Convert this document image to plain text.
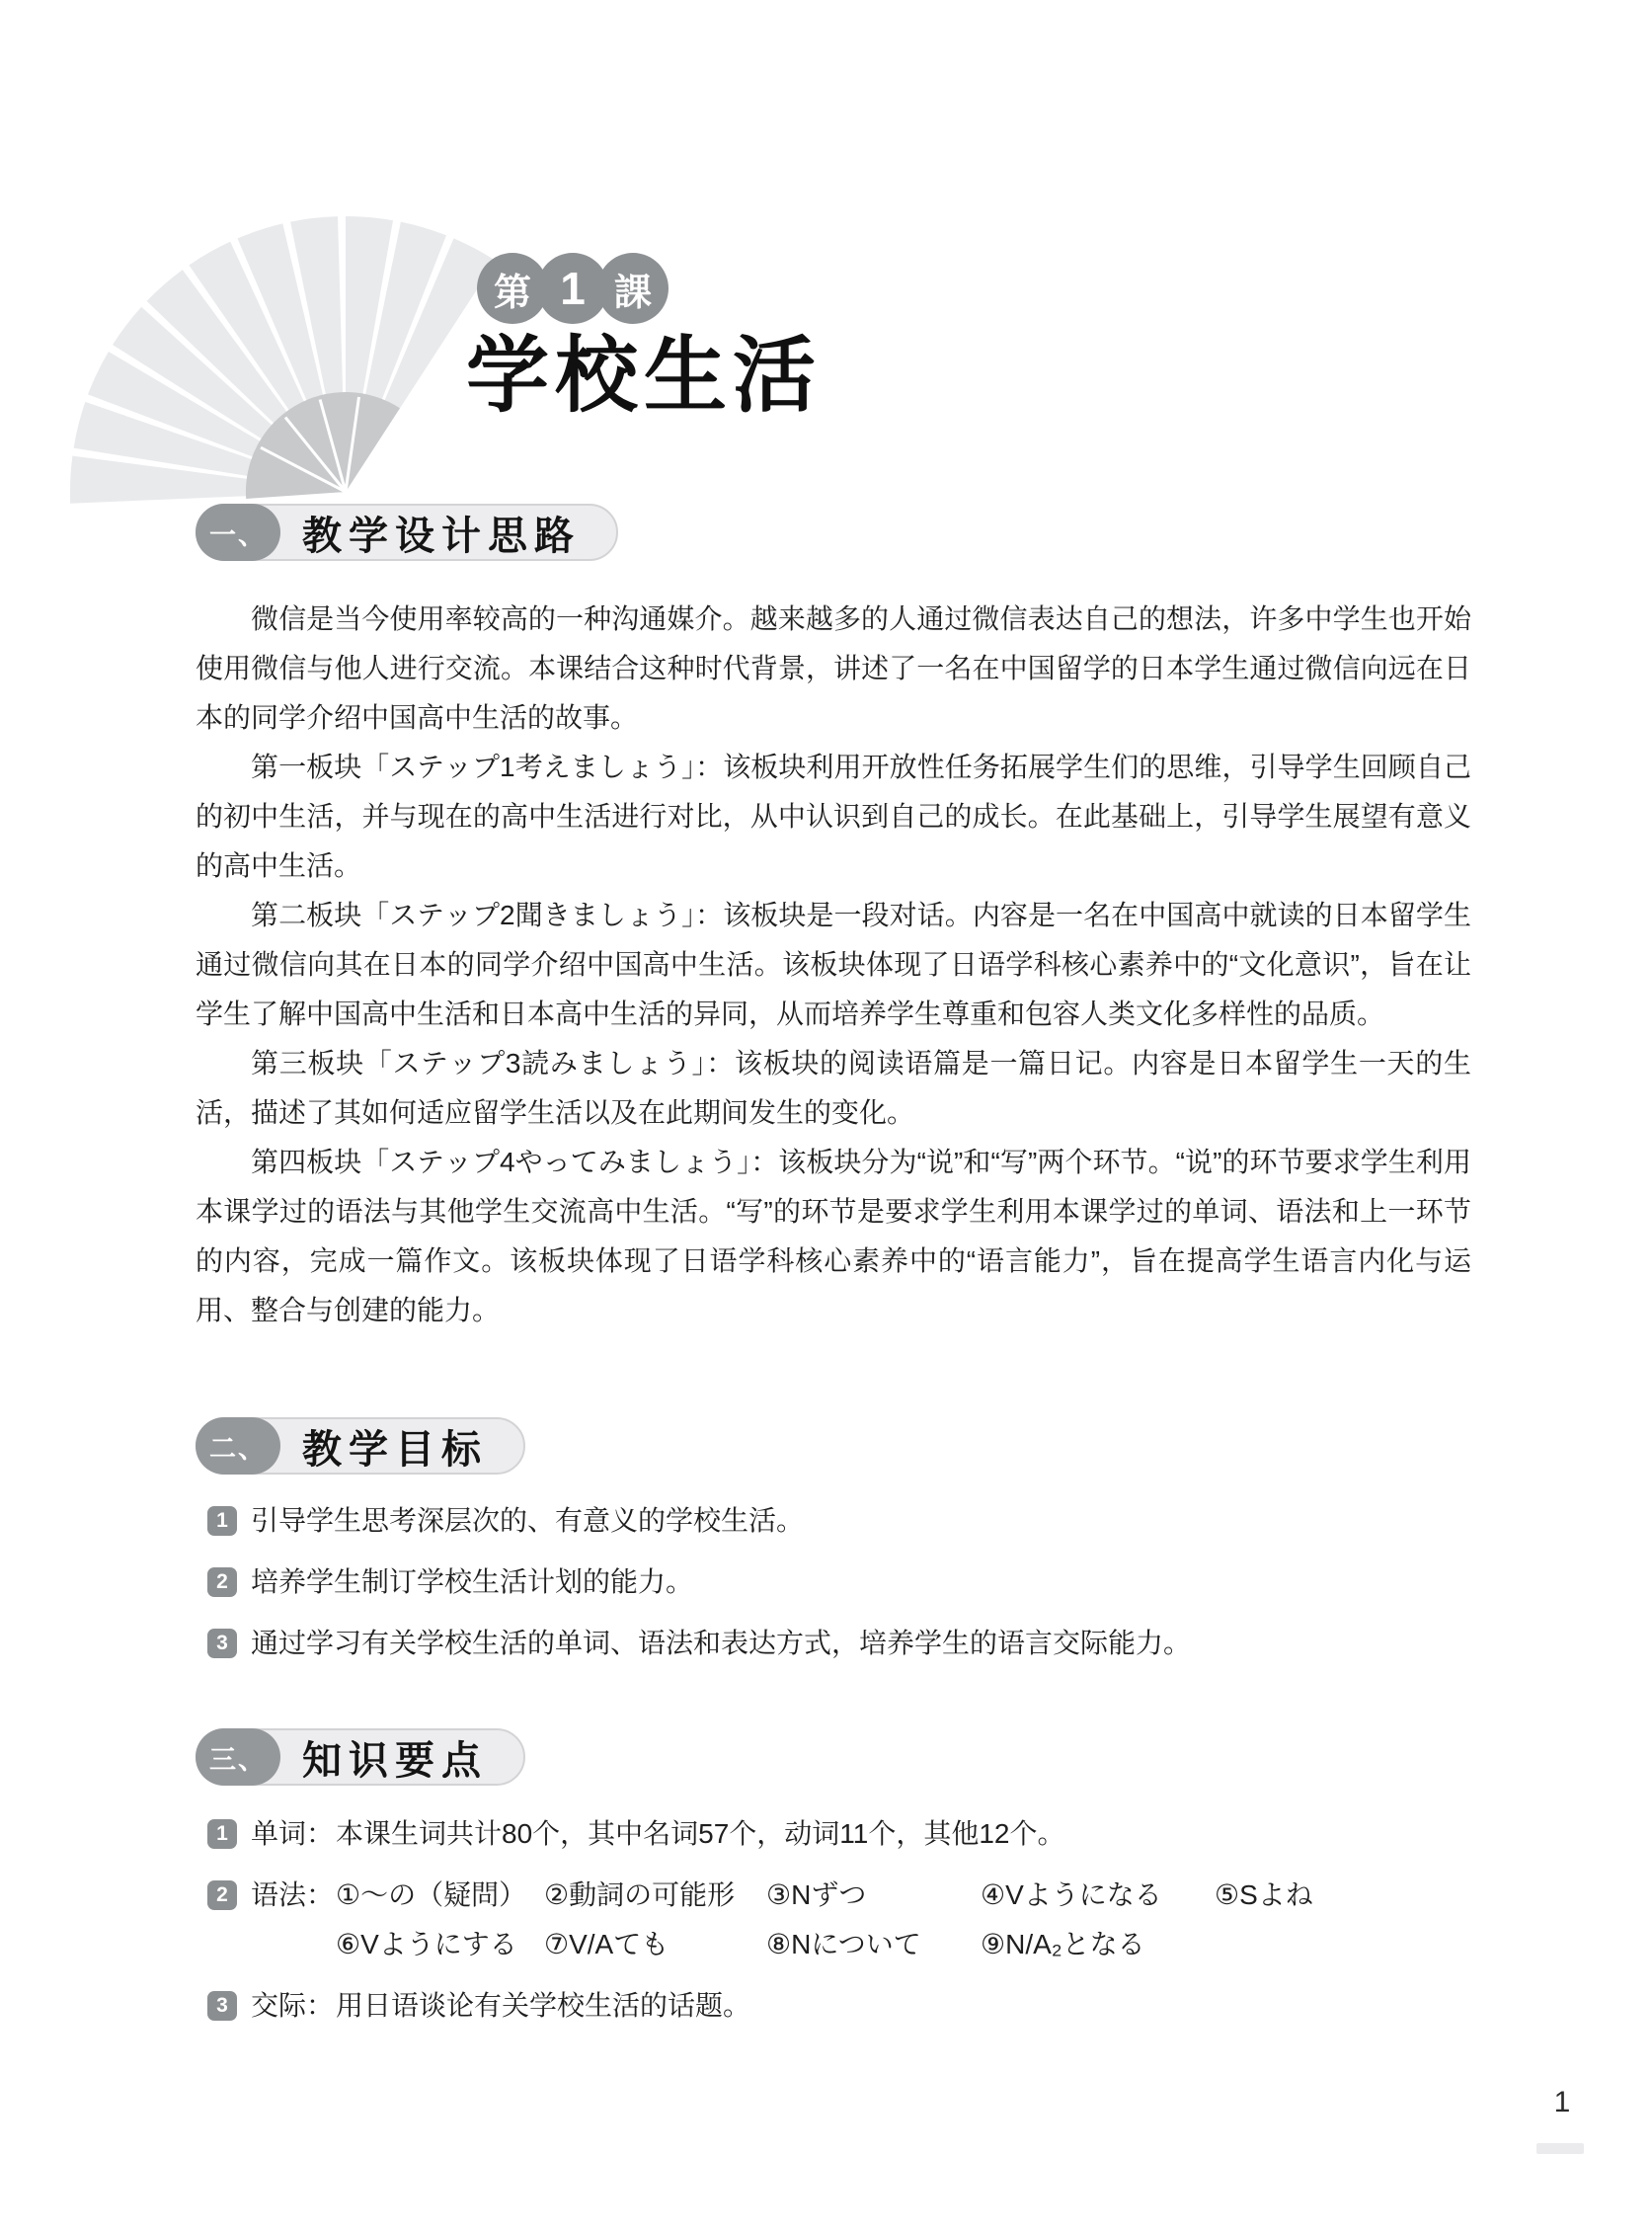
第 1 課
学校生活
一、 教学设计思路

微信是当今使用率较高的一种沟通媒介。越来越多的人通过微信表达自己的想法，许多中学生也开始使用微信与他人进行交流。本课结合这种时代背景，讲述了一名在中国留学的日本学生通过微信向远在日本的同学介绍中国高中生活的故事。

第一板块「ステップ1考えましょう」：该板块利用开放性任务拓展学生们的思维，引导学生回顾自己的初中生活，并与现在的高中生活进行对比，从中认识到自己的成长。在此基础上，引导学生展望有意义的高中生活。

第二板块「ステップ2聞きましょう」：该板块是一段对话。内容是一名在中国高中就读的日本留学生通过微信向其在日本的同学介绍中国高中生活。该板块体现了日语学科核心素养中的“文化意识”，旨在让学生了解中国高中生活和日本高中生活的异同，从而培养学生尊重和包容人类文化多样性的品质。

第三板块「ステップ3読みましょう」：该板块的阅读语篇是一篇日记。内容是日本留学生一天的生活，描述了其如何适应留学生活以及在此期间发生的变化。

第四板块「ステップ4やってみましょう」：该板块分为“说”和“写”两个环节。“说”的环节要求学生利用本课学过的语法与其他学生交流高中生活。“写”的环节是要求学生利用本课学过的单词、语法和上一环节的内容，完成一篇作文。该板块体现了日语学科核心素养中的“语言能力”，旨在提高学生语言内化与运用、整合与创建的能力。

二、 教学目标
1 引导学生思考深层次的、有意义的学校生活。
2 培养学生制订学校生活计划的能力。
3 通过学习有关学校生活的单词、语法和表达方式，培养学生的语言交际能力。
三、 知识要点
1 单词： 本课生词共计80个，其中名词57个，动词11个，其他12个。
2 语法： ①～の（疑問） ②動詞の可能形	③Nずつ	④Vようになる	⑤Sよね
⑥Vようにする ⑦V/Aても	⑧Nについて	⑨N/A₂となる
3 交际： 用日语谈论有关学校生活的话题。
1
